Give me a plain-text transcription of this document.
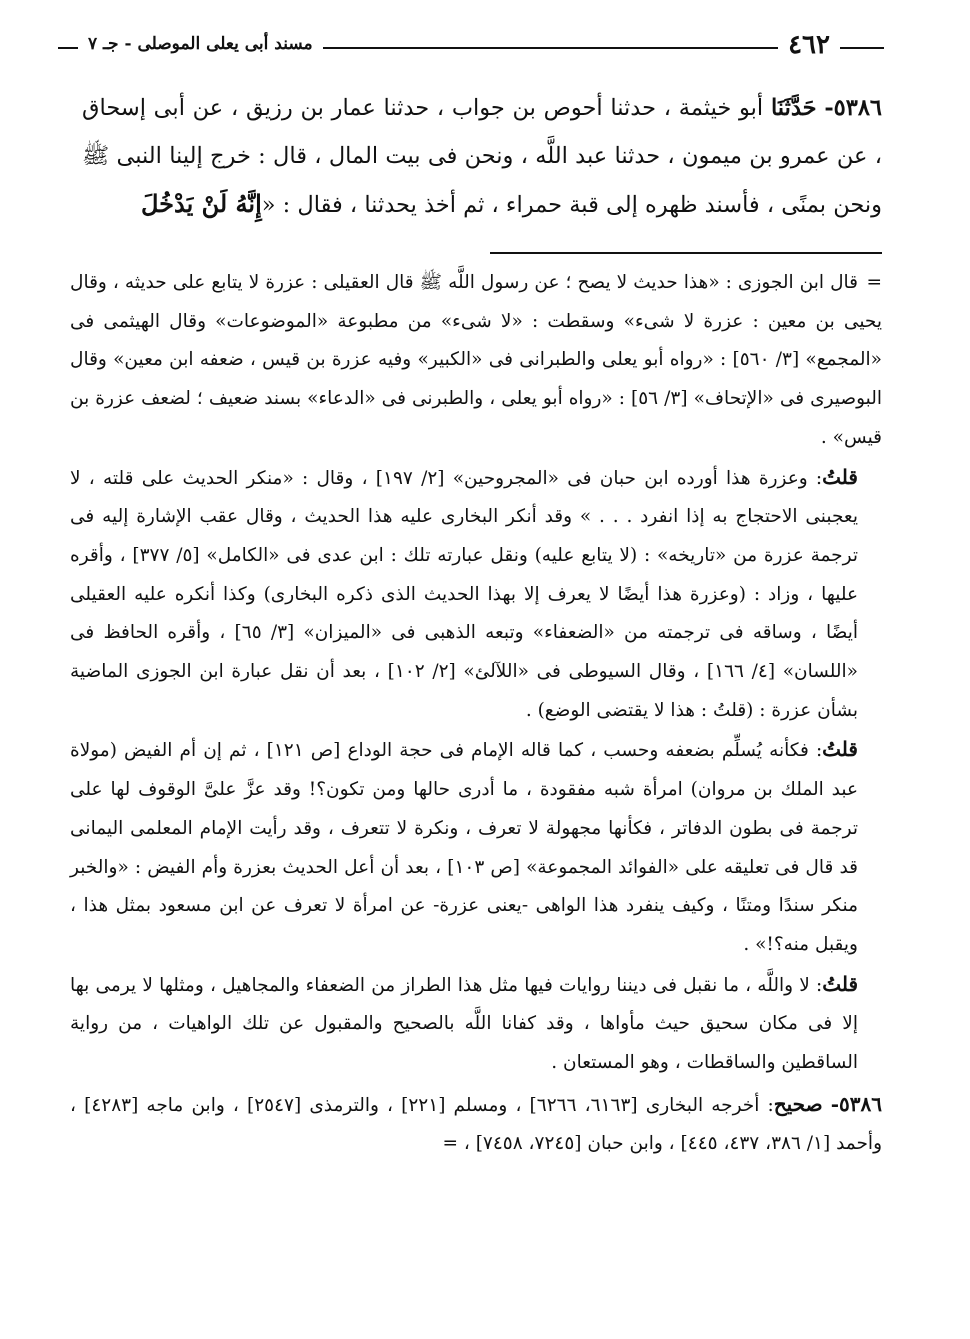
٤٦٢
مسند أبى يعلى الموصلى - جـ ٧
٥٣٨٦- حَدَّثَنَا أبو خيثمة ، حدثنا أحوص بن جواب ، حدثنا عمار بن رزيق ، عن أبى إسحاق ، عن عمرو بن ميمون ، حدثنا عبد اللَّه ، ونحن فى بيت المال ، قال : خرج إلينا النبى ﷺ ونحن بمنًى ، فأسند ظهره إلى قبة حمراء ، ثم أخذ يحدثنا ، فقال : «إِنَّهُ لَنْ يَدْخُلَ

=قال ابن الجوزى : «هذا حديث لا يصح ؛ عن رسول اللَّه ﷺ قال العقيلى : عزرة لا يتابع على حديثه ، وقال يحيى بن معين : عزرة لا شىء» وسقطت : «لا شىء» من مطبوعة «الموضوعات» وقال الهيثمى فى «المجمع» [٣/ ٥٦٠] : «رواه أبو يعلى والطبرانى فى «الكبير» وفيه عزرة بن قيس ، ضعفه ابن معين» وقال البوصيرى فى «الإتحاف» [٣/ ٥٦] : «رواه أبو يعلى ، والطبرنى فى «الدعاء» بسند ضعيف ؛ لضعف عزرة بن قيس» .

قلتُ: وعزرة هذا أورده ابن حبان فى «المجروحين» [٢/ ١٩٧] ، وقال : «منكر الحديث على قلته ، لا يعجبنى الاحتجاج به إذا انفرد . . . » وقد أنكر البخارى عليه هذا الحديث ، وقال عقب الإشارة إليه فى ترجمة عزرة من «تاريخه» : (لا يتابع عليه) ونقل عبارته تلك : ابن عدى فى «الكامل» [٥/ ٣٧٧] ، وأقره عليها ، وزاد : (وعزرة هذا أيضًا لا يعرف إلا بهذا الحديث الذى ذكره البخارى) وكذا أنكره عليه العقيلى أيضًا ، وساقه فى ترجمته من «الضعفاء» وتبعه الذهبى فى «الميزان» [٣/ ٦٥] ، وأقره الحافظ فى «اللسان» [٤/ ١٦٦] ، وقال السيوطى فى «اللآلئ» [٢/ ١٠٢] ، بعد أن نقل عبارة ابن الجوزى الماضية بشأن عزرة : (قلتُ : هذا لا يقتضى الوضع) .

قلتُ: فكأنه يُسلِّم بضعفه وحسب ، كما قاله الإمام فى حجة الوداع [ص ١٢١] ، ثم إن أم الفيض (مولاة عبد الملك بن مروان) امرأة شبه مفقودة ، ما أدرى حالها ومن تكون؟! وقد عزَّ علىَّ الوقوف لها على ترجمة فى بطون الدفاتر ، فكأنها مجهولة لا تعرف ، ونكرة لا تتعرف ، وقد رأيت الإمام المعلمى اليمانى قد قال فى تعليقه على «الفوائد المجموعة» [ص ١٠٣] ، بعد أن أعل الحديث بعزرة وأم الفيض : «والخبر منكر سندًا ومتنًا ، وكيف ينفرد هذا الواهى -يعنى عزرة- عن امرأة لا تعرف عن ابن مسعود بمثل هذا ، ويقبل منه؟!» .

قلتُ: لا واللَّه ، ما نقبل فى ديننا روايات فيها مثل هذا الطراز من الضعفاء والمجاهيل ، ومثلها لا يرمى بها إلا فى مكان سحيق حيث مأواها ، وقد كفانا اللَّه بالصحيح والمقبول عن تلك الواهيات ، من رواية الساقطين والساقطات ، وهو المستعان .

٥٣٨٦- صحيح: أخرجه البخارى [٦١٦٣، ٦٢٦٦] ، ومسلم [٢٢١] ، والترمذى [٢٥٤٧] ، وابن ماجه [٤٢٨٣] ، وأحمد [١/ ٣٨٦، ٤٣٧، ٤٤٥] ، وابن حبان [٧٢٤٥، ٧٤٥٨] ، =
